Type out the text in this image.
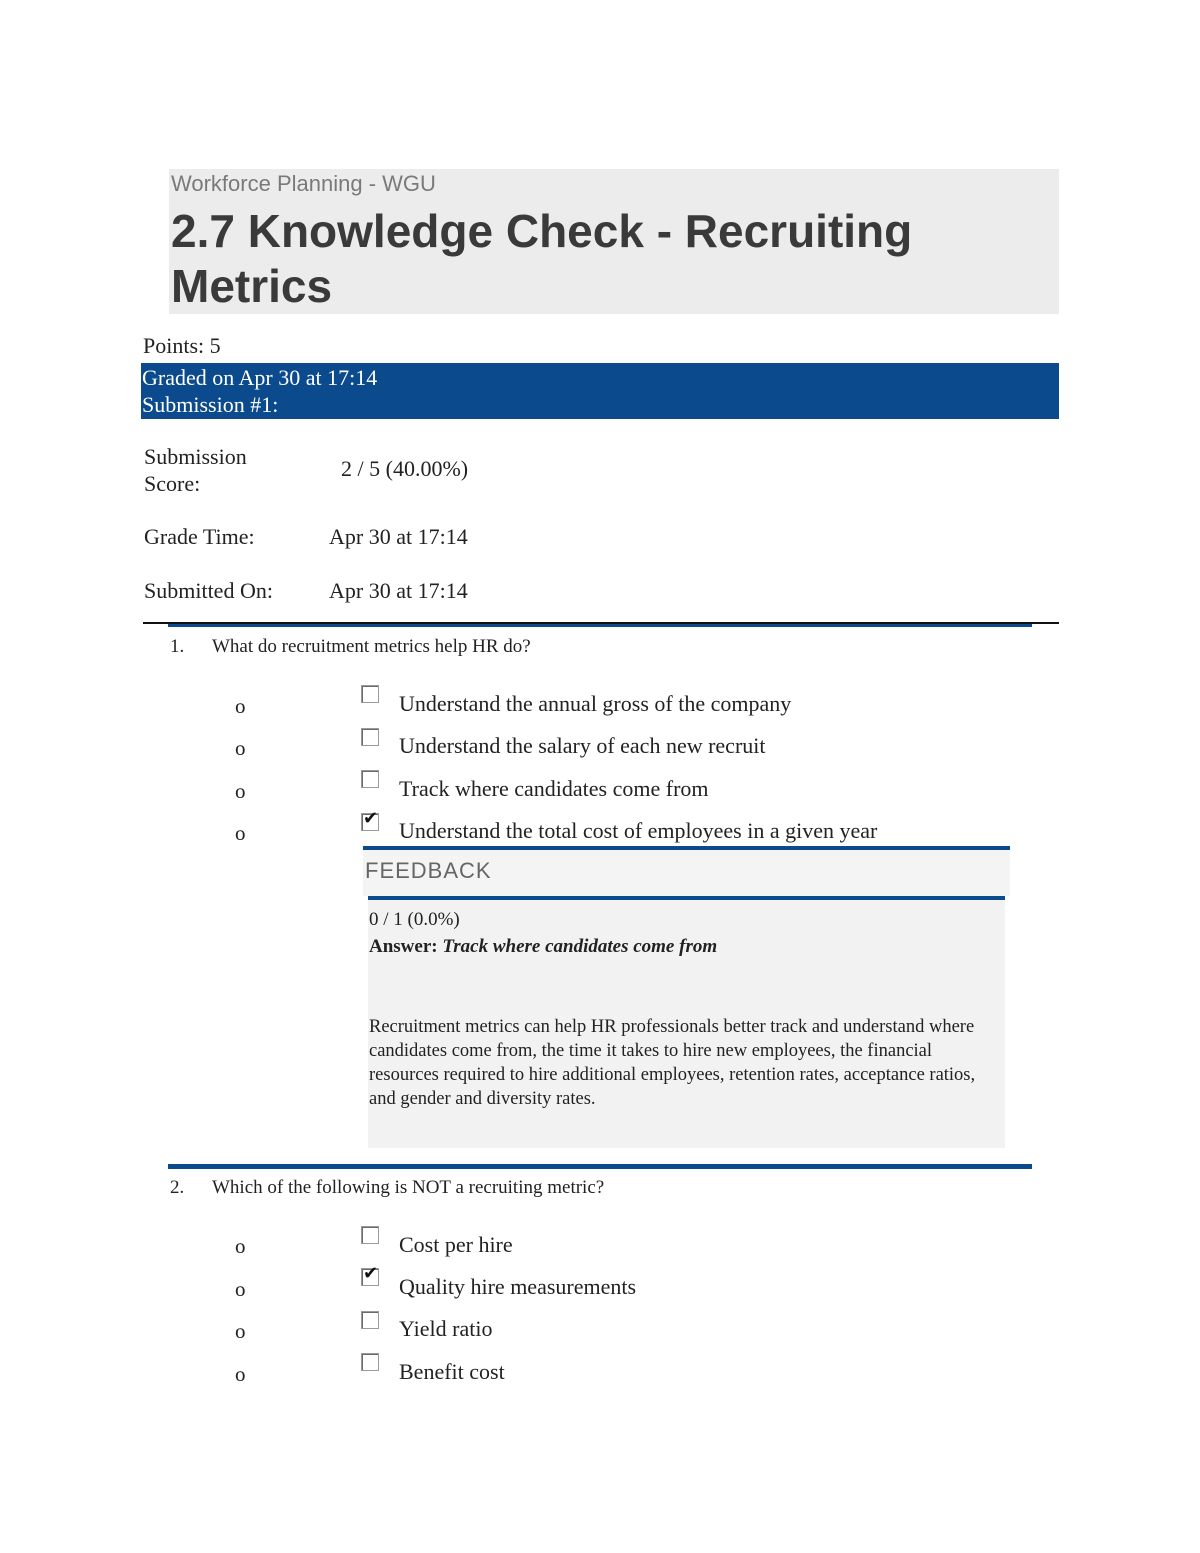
Workforce Planning - WGU
2.7 Knowledge Check - Recruiting Metrics
Points: 5
Graded on Apr 30 at 17:14
Submission #1:
Submission Score:
2 / 5 (40.00%)
Grade Time:	Apr 30 at 17:14
Submitted On:	Apr 30 at 17:14
1. What do recruitment metrics help HR do?
o	Understand the annual gross of the company
o	Understand the salary of each new recruit
o	Track where candidates come from
o
✔ Understand the total cost of employees in a given year
FEEDBACK
0 / 1 (0.0%)
Answer: Track where candidates come from
Recruitment metrics can help HR professionals better track and understand where candidates come from, the time it takes to hire new employees, the financial resources required to hire additional employees, retention rates, acceptance ratios, and gender and diversity rates.
2. Which of the following is NOT a recruiting metric?
o	Cost per hire
o
✔
Quality hire measurements
o	Yield ratio
o	Benefit cost
